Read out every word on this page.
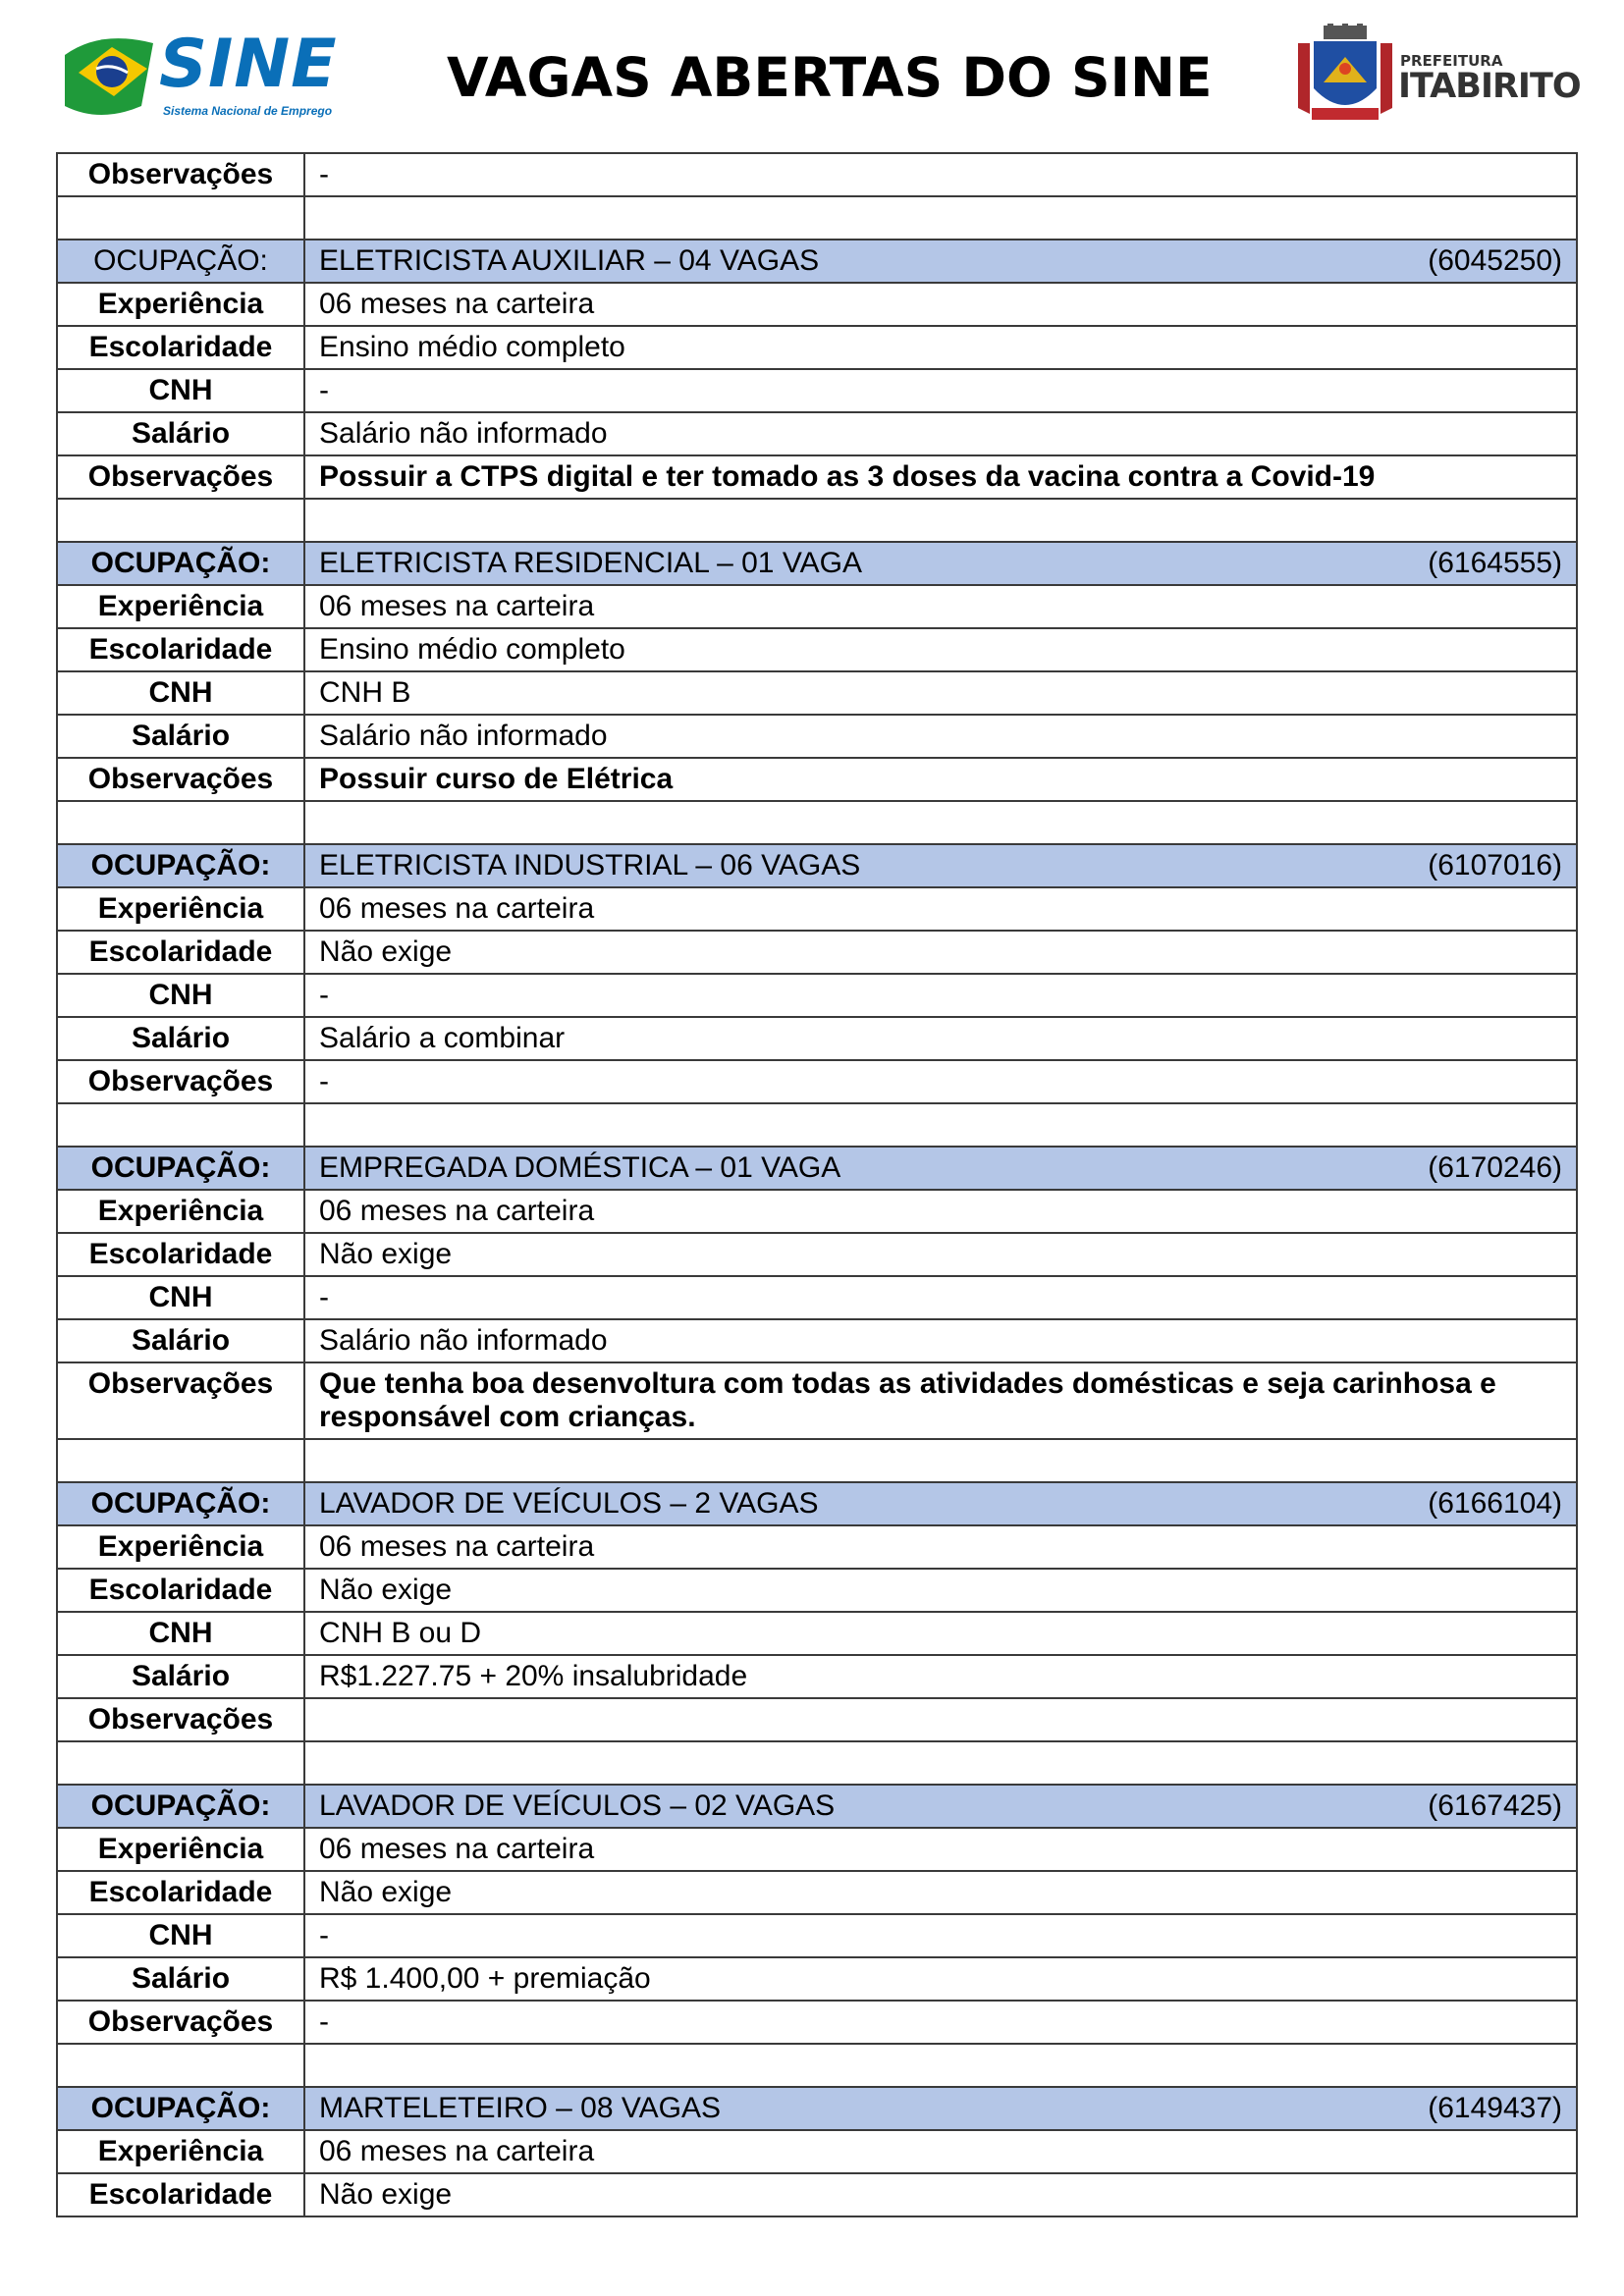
SINE
Sistema Nacional de Emprego
VAGAS ABERTAS DO SINE	PREFEITURA
ITABIRITO
Observações	-

OCUPAÇÃO:	ELETRICISTA AUXILIAR – 04 VAGAS (6045250)

Experiência	06 meses na carteira
Escolaridade	Ensino médio completo
CNH	-
Salário	Salário não informado
Observações	Possuir a CTPS digital e ter tomado as 3 doses da vacina contra a Covid-19

OCUPAÇÃO:	ELETRICISTA RESIDENCIAL – 01 VAGA (6164555)

Experiência	06 meses na carteira
Escolaridade	Ensino médio completo
CNH	CNH B
Salário	Salário não informado
Observações	Possuir curso de Elétrica

OCUPAÇÃO:	ELETRICISTA INDUSTRIAL – 06 VAGAS (6107016)

Experiência	06 meses na carteira
Escolaridade	Não exige
CNH	-
Salário	Salário a combinar
Observações	-

OCUPAÇÃO:	EMPREGADA DOMÉSTICA – 01 VAGA (6170246)

Experiência	06 meses na carteira
Escolaridade	Não exige
CNH	-
Salário	Salário não informado
Observações	Que tenha boa desenvoltura com todas as atividades domésticas e seja carinhosa e responsável com crianças.

OCUPAÇÃO:	LAVADOR DE VEÍCULOS – 2 VAGAS (6166104)

Experiência	06 meses na carteira
Escolaridade	Não exige
CNH	CNH B ou D
Salário	R$1.227.75 + 20% insalubridade
Observações	

OCUPAÇÃO:	LAVADOR DE VEÍCULOS – 02 VAGAS (6167425)

Experiência	06 meses na carteira
Escolaridade	Não exige
CNH	-
Salário	R$ 1.400,00 + premiação
Observações	-

OCUPAÇÃO:	MARTELETEIRO – 08 VAGAS (6149437)

Experiência	06 meses na carteira
Escolaridade	Não exige
